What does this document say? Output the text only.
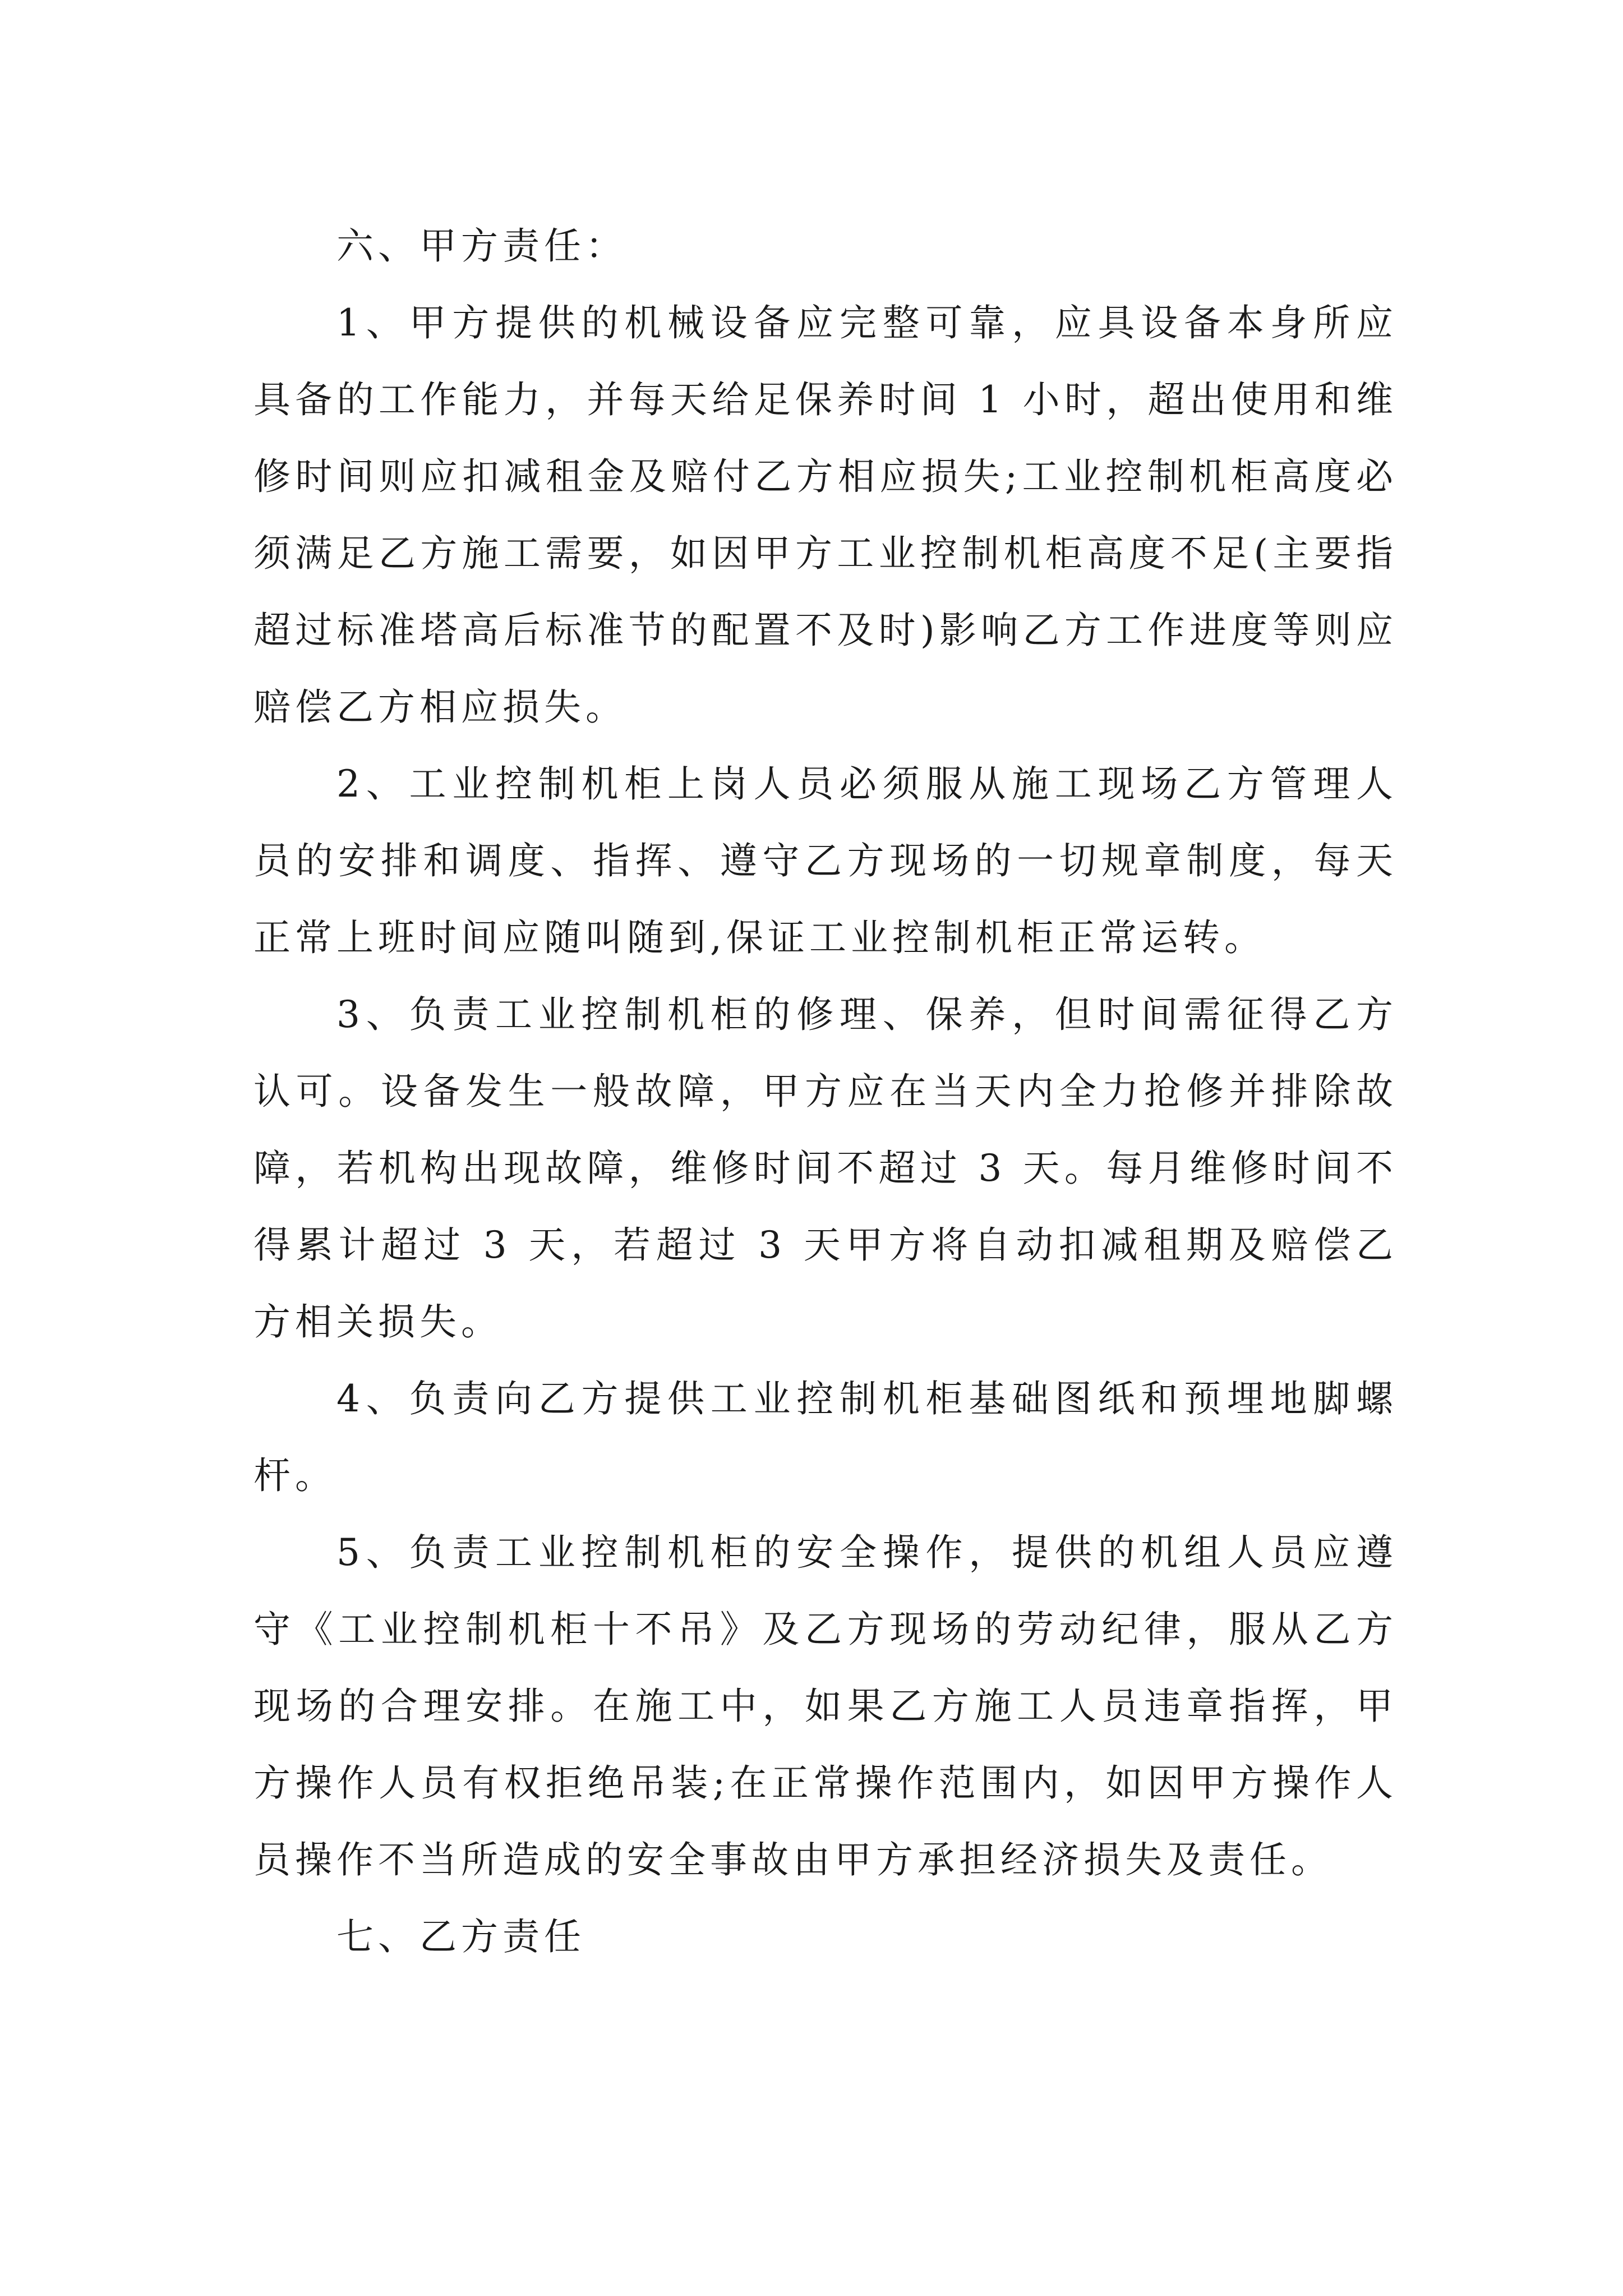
六、甲方责任：

1、甲方提供的机械设备应完整可靠，应具设备本身所应具备的工作能力，并每天给足保养时间 1 小时，超出使用和维修时间则应扣减租金及赔付乙方相应损失;工业控制机柜高度必须满足乙方施工需要，如因甲方工业控制机柜高度不足(主要指超过标准塔高后标准节的配置不及时)影响乙方工作进度等则应赔偿乙方相应损失。

2、工业控制机柜上岗人员必须服从施工现场乙方管理人员的安排和调度、指挥、遵守乙方现场的一切规章制度，每天正常上班时间应随叫随到,保证工业控制机柜正常运转。

3、负责工业控制机柜的修理、保养，但时间需征得乙方认可。设备发生一般故障，甲方应在当天内全力抢修并排除故障，若机构出现故障，维修时间不超过 3 天。每月维修时间不得累计超过 3 天，若超过 3 天甲方将自动扣减租期及赔偿乙方相关损失。

4、负责向乙方提供工业控制机柜基础图纸和预埋地脚螺杆。

5、负责工业控制机柜的安全操作，提供的机组人员应遵守《工业控制机柜十不吊》及乙方现场的劳动纪律，服从乙方现场的合理安排。在施工中，如果乙方施工人员违章指挥，甲方操作人员有权拒绝吊装;在正常操作范围内，如因甲方操作人员操作不当所造成的安全事故由甲方承担经济损失及责任。

七、乙方责任
